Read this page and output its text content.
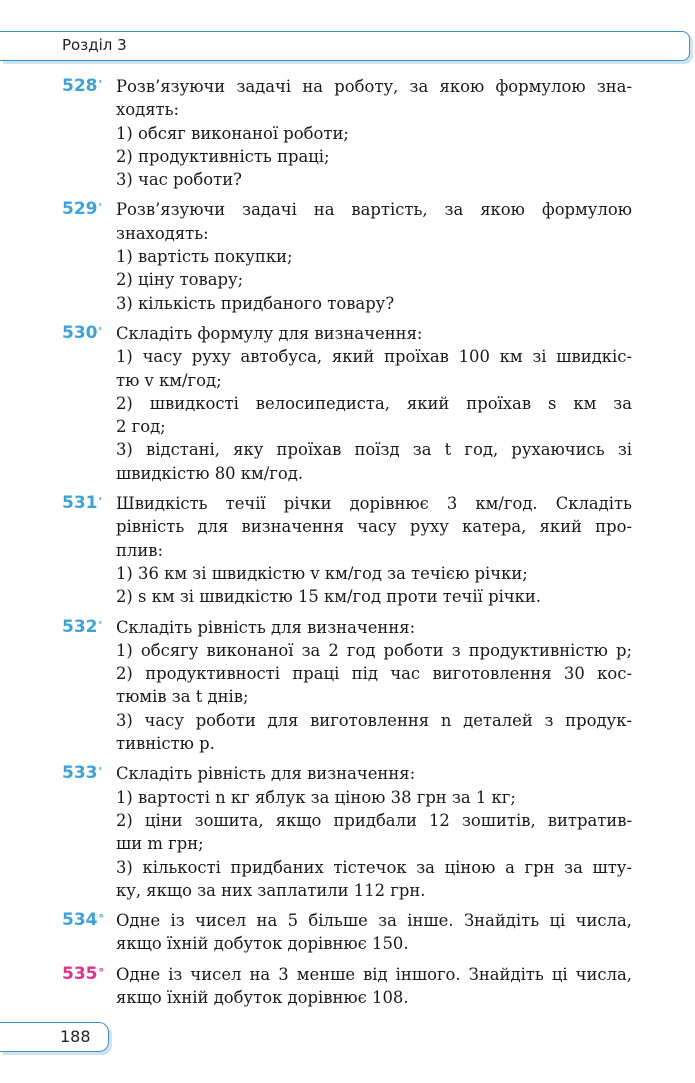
Розділ 3
528' Розв’язуючи задачі на роботу, за якою формулою зна-
ходять:
1) обсяг виконаної роботи;
2) продуктивність праці;
3) час роботи?
529' Розв’язуючи задачі на вартість, за якою формулою
знаходять:
1) вартість покупки;
2) ціну товару;
3) кількість придбаного товару?
530' Складіть формулу для визначення:
1) часу руху автобуса, який проїхав 100 км зі швидкіс-
тю v км/год;
2) швидкості велосипедиста, який проїхав s км за
2 год;
3) відстані, яку проїхав поїзд за t год, рухаючись зі
швидкістю 80 км/год.
531' Швидкість течії річки дорівнює 3 км/год. Складіть
рівність для визначення часу руху катера, який про-
плив:
1) 36 км зі швидкістю v км/год за течією річки;
2) s км зі швидкістю 15 км/год проти течії річки.
532' Складіть рівність для визначення:
1) обсягу виконаної за 2 год роботи з продуктивністю p;
2) продуктивності праці під час виготовлення 30 кос-
тюмів за t днів;
3) часу роботи для виготовлення n деталей з продук-
тивністю p.
533' Складіть рівність для визначення:
1) вартості n кг яблук за ціною 38 грн за 1 кг;
2) ціни зошита, якщо придбали 12 зошитів, витратив-
ши m грн;
3) кількості придбаних тістечок за ціною a грн за шту-
ку, якщо за них заплатили 112 грн.
534° Одне із чисел на 5 більше за інше. Знайдіть ці числа,
якщо їхній добуток дорівнює 150.
535° Одне із чисел на 3 менше від іншого. Знайдіть ці числа,
якщо їхній добуток дорівнює 108.
188
